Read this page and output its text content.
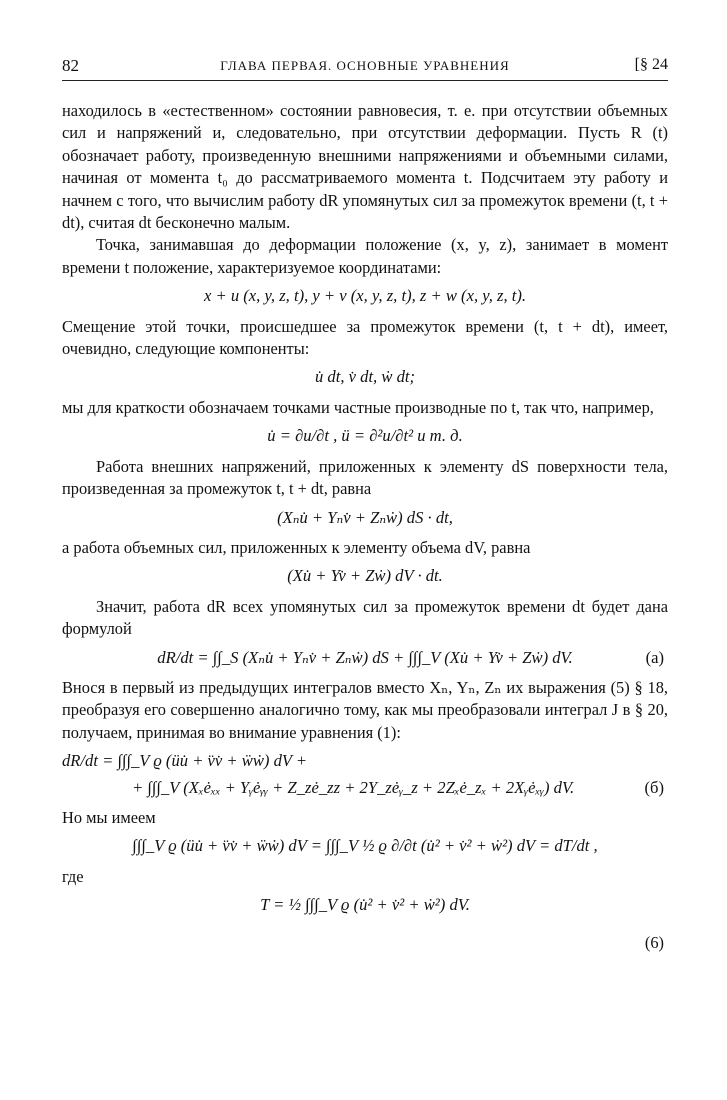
82	ГЛАВА ПЕРВАЯ. ОСНОВНЫЕ УРАВНЕНИЯ	[§ 24

находилось в «естественном» состоянии равновесия, т. е. при отсутствии объемных сил и напряжений и, следовательно, при отсутствии деформации. Пусть R (t) обозначает работу, произведенную внешними напряжениями и объемными силами, начиная от момента t₀ до рассматриваемого момента t. Подсчитаем эту работу и начнем с того, что вычислим работу dR упомянутых сил за промежуток времени (t, t + dt), считая dt бесконечно малым.

Точка, занимавшая до деформации положение (x, y, z), занимает в момент времени t положение, характеризуемое координатами:

x + u (x, y, z, t), y + v (x, y, z, t), z + w (x, y, z, t).

Смещение этой точки, происшедшее за промежуток времени (t, t + dt), имеет, очевидно, следующие компоненты:

u̇ dt, v̇ dt, ẇ dt;

мы для краткости обозначаем точками частные производные по t, так что, например,

u̇ = ∂u/∂t , ü = ∂²u/∂t² и т. д.

Работа внешних напряжений, приложенных к элементу dS поверхности тела, произведенная за промежуток t, t + dt, равна

(Xₙu̇ + Yₙv̇ + Zₙẇ) dS · dt,

а работа объемных сил, приложенных к элементу объема dV, равна

(Xu̇ + Yv̇ + Zẇ) dV · dt.

Значит, работа dR всех упомянутых сил за промежуток времени dt будет дана формулой

dR/dt = ∫∫_S (Xₙu̇ + Yₙv̇ + Zₙẇ) dS + ∫∫∫_V (Xu̇ + Yv̇ + Zẇ) dV.	(а)

Внося в первый из предыдущих интегралов вместо Xₙ, Yₙ, Zₙ их выражения (5) § 18, преобразуя его совершенно аналогично тому, как мы преобразовали интеграл J в § 20, получаем, принимая во внимание уравнения (1):

dR/dt = ∫∫∫_V ϱ (üu̇ + v̈v̇ + ẅẇ) dV +
+ ∫∫∫_V (Xₓėₓₓ + Yᵧėᵧᵧ + Z_zė_zz + 2Y_zėᵧ_z + 2Zₓė_zₓ + 2Xᵧėₓᵧ) dV.	(б)

Но мы имеем

∫∫∫_V ϱ (üu̇ + v̈v̇ + ẅẇ) dV = ∫∫∫_V ½ ϱ ∂/∂t (u̇² + v̇² + ẇ²) dV = dT/dt ,

где

T = ½ ∫∫∫_V ϱ (u̇² + v̇² + ẇ²) dV.
(6)
